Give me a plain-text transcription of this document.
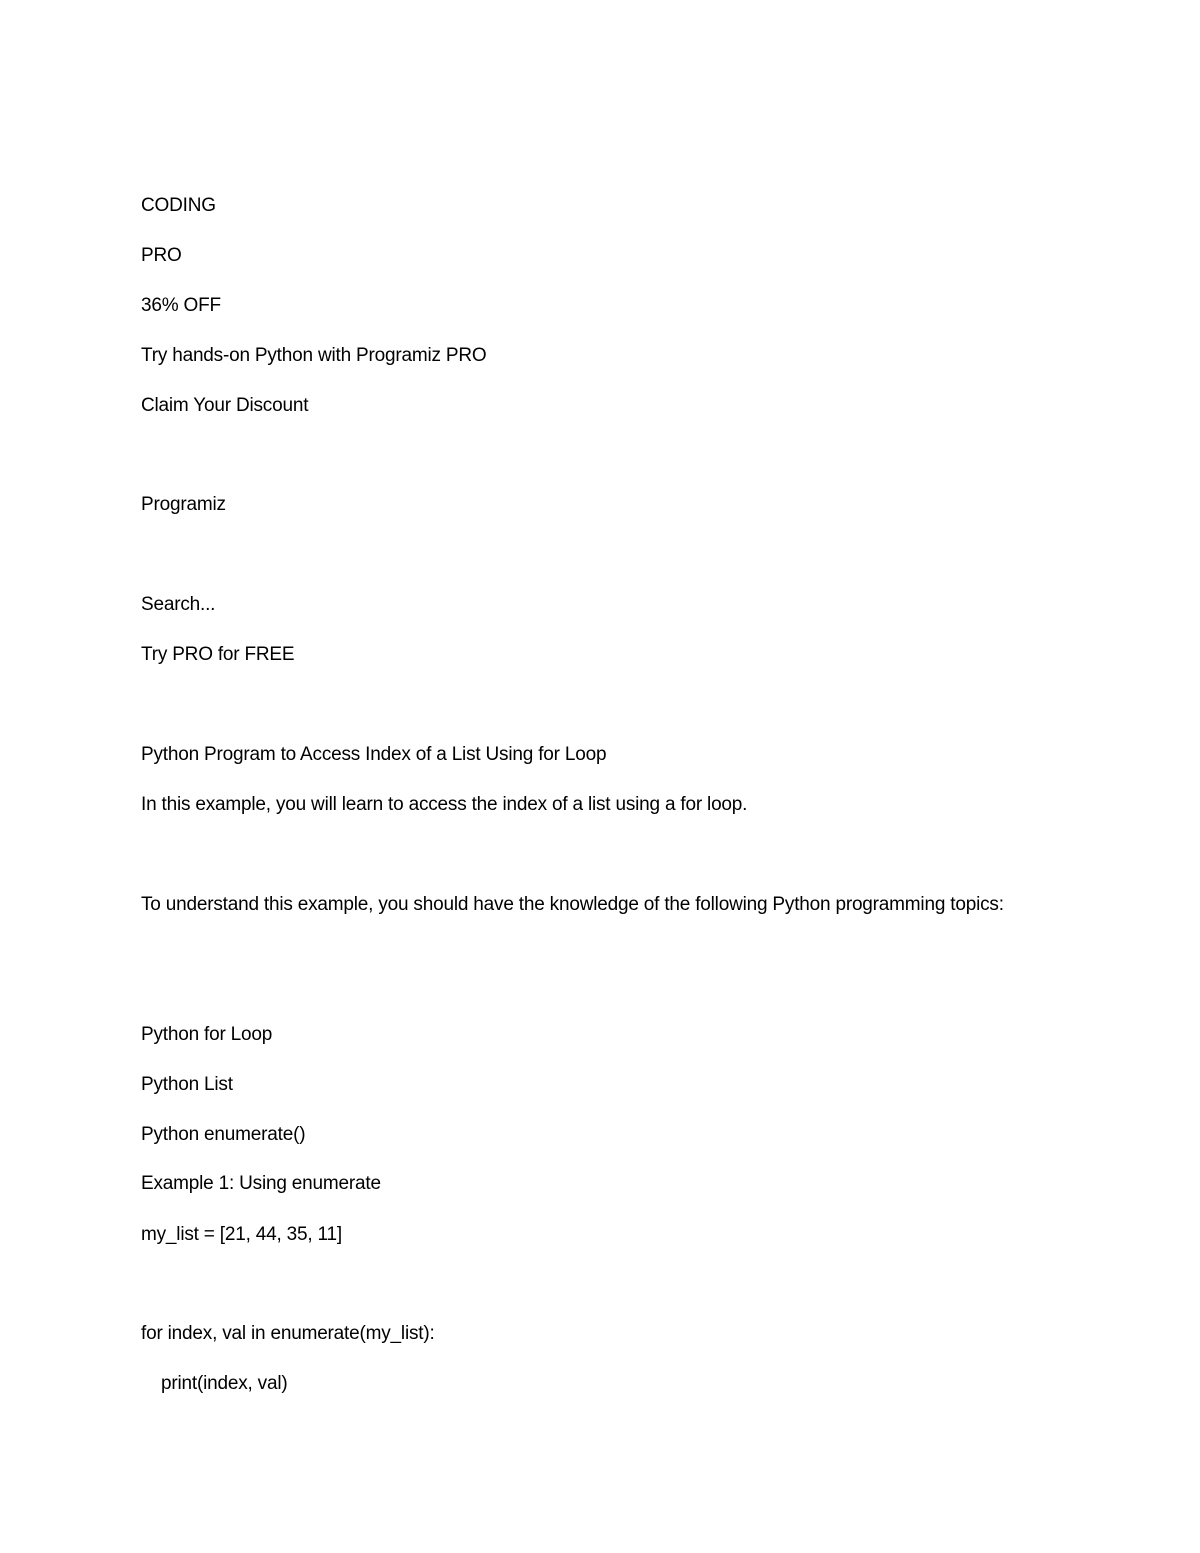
CODING

PRO

36% OFF

Try hands-on Python with Programiz PRO

Claim Your Discount

Programiz

Search...

Try PRO for FREE

Python Program to Access Index of a List Using for Loop

In this example, you will learn to access the index of a list using a for loop.

To understand this example, you should have the knowledge of the following Python programming topics:

Python for Loop

Python List

Python enumerate()

Example 1: Using enumerate

my_list = [21, 44, 35, 11]

for index, val in enumerate(my_list):

print(index, val)
